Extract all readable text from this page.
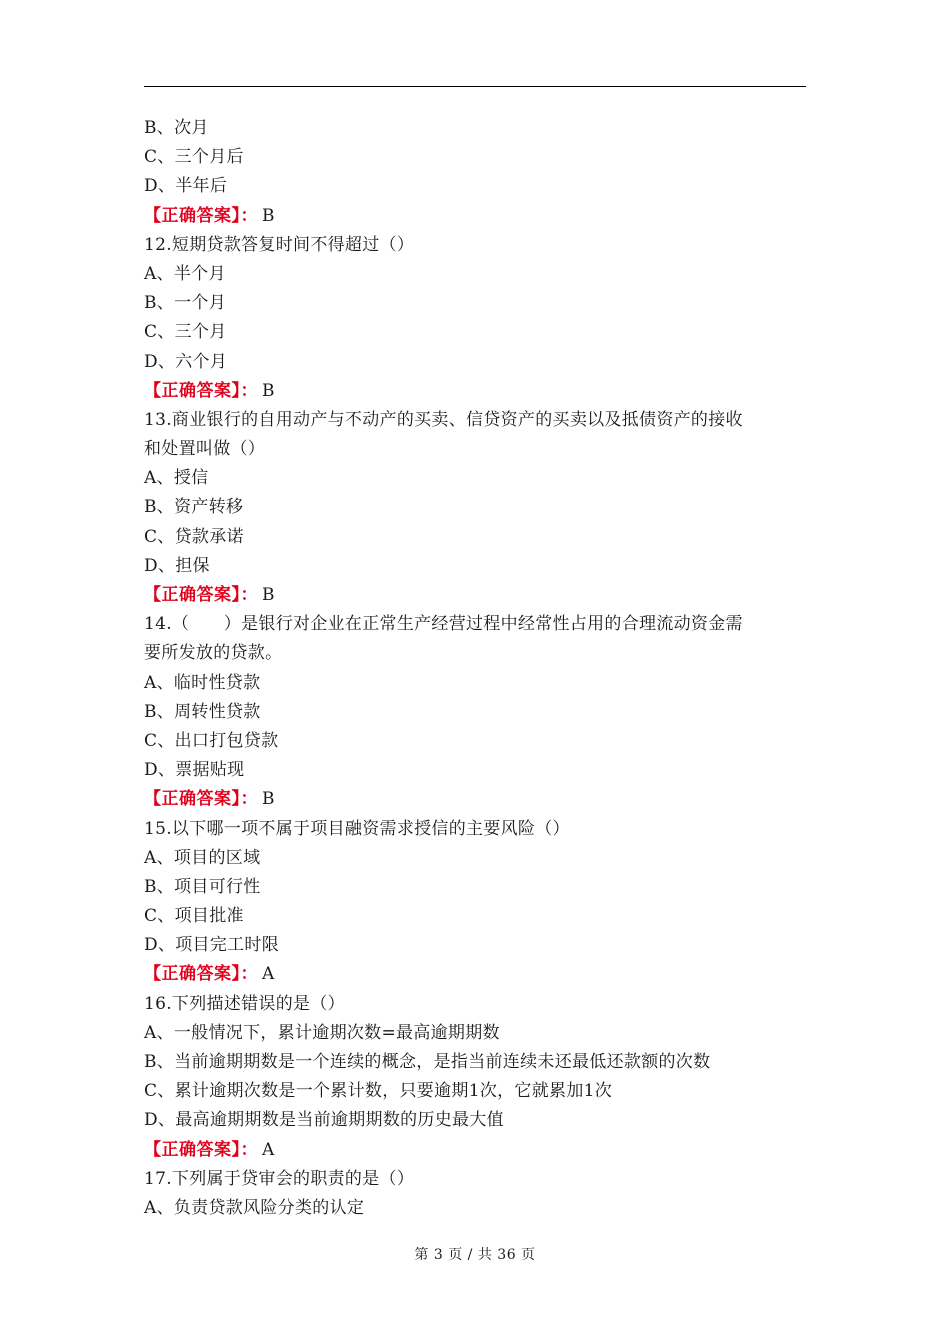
B、次月
C、三个月后
D、半年后
【正确答案】： B
12.短期贷款答复时间不得超过（）
A、半个月
B、一个月
C、三个月
D、六个月
【正确答案】： B
13.商业银行的自用动产与不动产的买卖、信贷资产的买卖以及抵债资产的接收
和处置叫做（）
A、授信
B、资产转移
C、贷款承诺
D、担保
【正确答案】： B
14.（　　）是银行对企业在正常生产经营过程中经常性占用的合理流动资金需
要所发放的贷款。
A、临时性贷款
B、周转性贷款
C、出口打包贷款
D、票据贴现
【正确答案】： B
15.以下哪一项不属于项目融资需求授信的主要风险（）
A、项目的区域
B、项目可行性
C、项目批准
D、项目完工时限
【正确答案】： A
16.下列描述错误的是（）
A、一般情况下，累计逾期次数=最高逾期期数
B、当前逾期期数是一个连续的概念，是指当前连续未还最低还款额的次数
C、累计逾期次数是一个累计数，只要逾期1次，它就累加1次
D、最高逾期期数是当前逾期期数的历史最大值
【正确答案】： A
17.下列属于贷审会的职责的是（）
A、负责贷款风险分类的认定
第 3 页 / 共 36 页
